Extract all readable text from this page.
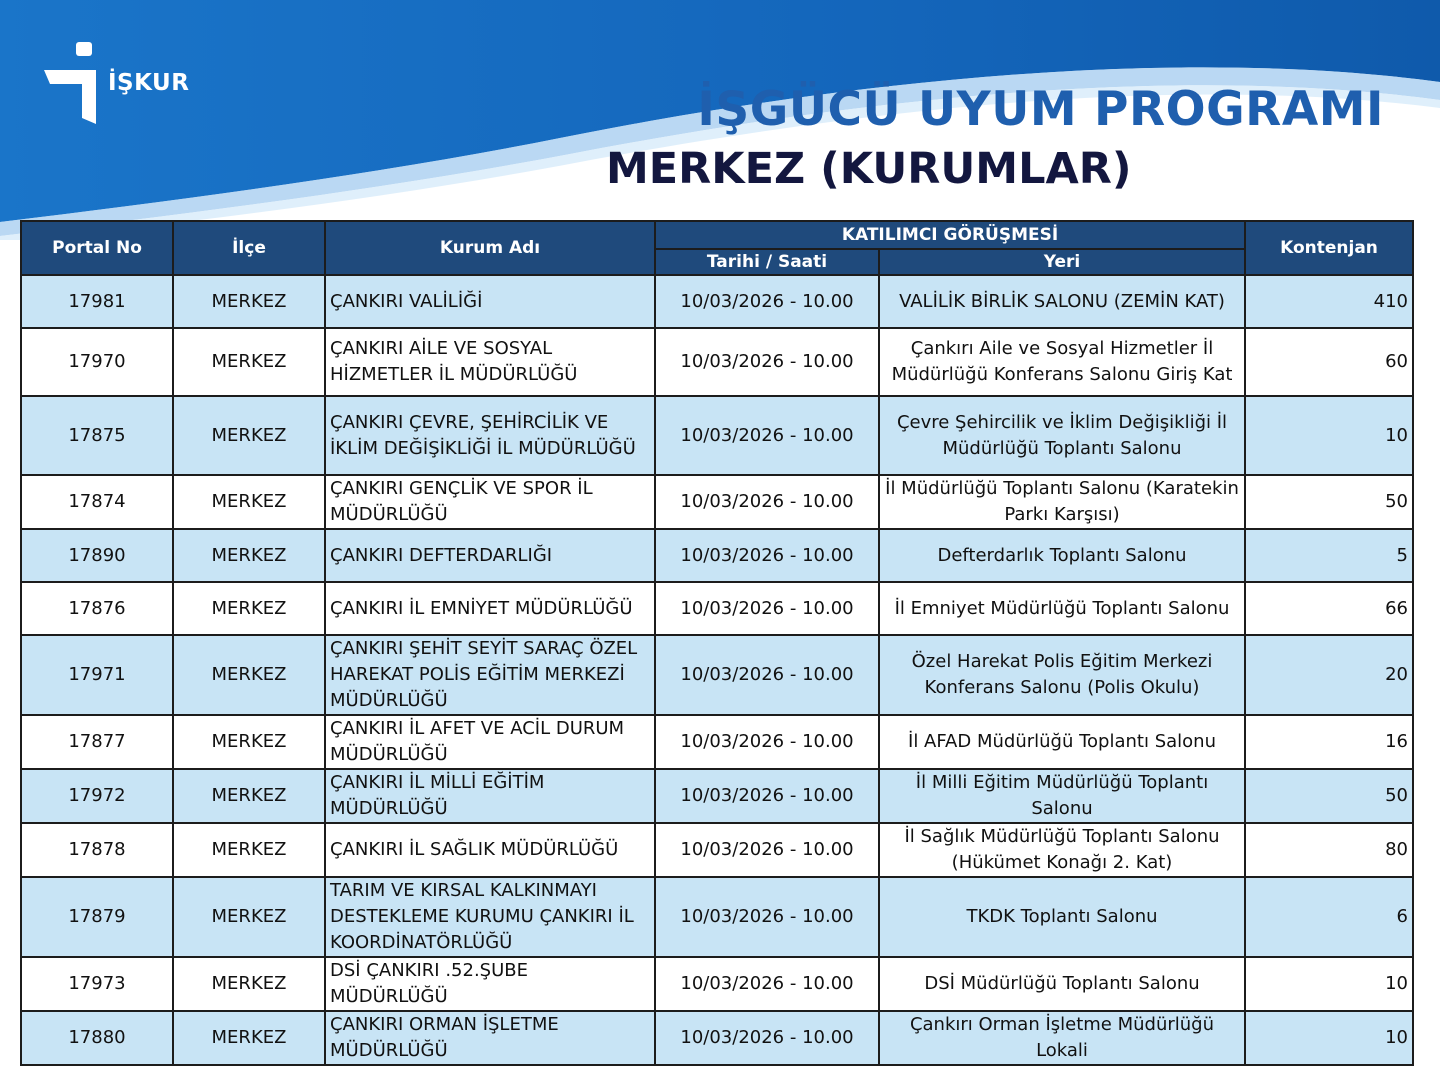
İŞKUR	İŞGÜCÜ UYUM PROGRAMI
MERKEZ (KURUMLAR)
Portal No	İlçe	Kurum Adı	KATILIMCI GÖRÜŞMESİ		Kontenjan
			Tarihi / Saati	Yeri	
17981	MERKEZ	ÇANKIRI VALİLİĞİ	10/03/2026 - 10.00	VALİLİK BİRLİK SALONU (ZEMİN KAT)	410
17970	MERKEZ	ÇANKIRI AİLE VE SOSYAL HİZMETLER İL MÜDÜRLÜĞÜ	10/03/2026 - 10.00	Çankırı Aile ve Sosyal Hizmetler İl Müdürlüğü Konferans Salonu Giriş Kat	60
17875	MERKEZ	ÇANKIRI ÇEVRE, ŞEHİRCİLİK VE İKLİM DEĞİŞİKLİĞİ İL MÜDÜRLÜĞÜ	10/03/2026 - 10.00	Çevre Şehircilik ve İklim Değişikliği İl Müdürlüğü Toplantı Salonu	10
17874	MERKEZ	ÇANKIRI GENÇLİK VE SPOR İL MÜDÜRLÜĞÜ	10/03/2026 - 10.00	İl Müdürlüğü Toplantı Salonu (Karatekin Parkı Karşısı)	50
17890	MERKEZ	ÇANKIRI DEFTERDARLIĞI	10/03/2026 - 10.00	Defterdarlık Toplantı Salonu	5
17876	MERKEZ	ÇANKIRI İL EMNİYET MÜDÜRLÜĞÜ	10/03/2026 - 10.00	İl Emniyet Müdürlüğü Toplantı Salonu	66
17971	MERKEZ	ÇANKIRI ŞEHİT SEYİT SARAÇ ÖZEL HAREKAT POLİS EĞİTİM MERKEZİ MÜDÜRLÜĞÜ	10/03/2026 - 10.00	Özel Harekat Polis Eğitim Merkezi Konferans Salonu (Polis Okulu)	20
17877	MERKEZ	ÇANKIRI İL AFET VE ACİL DURUM MÜDÜRLÜĞÜ	10/03/2026 - 10.00	İl AFAD Müdürlüğü Toplantı Salonu	16
17972	MERKEZ	ÇANKIRI İL MİLLİ EĞİTİM MÜDÜRLÜĞÜ	10/03/2026 - 10.00	İl Milli Eğitim Müdürlüğü Toplantı Salonu	50
17878	MERKEZ	ÇANKIRI İL SAĞLIK MÜDÜRLÜĞÜ	10/03/2026 - 10.00	İl Sağlık Müdürlüğü Toplantı Salonu (Hükümet Konağı 2. Kat)	80
17879	MERKEZ	TARIM VE KIRSAL KALKINMAYI DESTEKLEME KURUMU ÇANKIRI İL KOORDİNATÖRLÜĞÜ	10/03/2026 - 10.00	TKDK Toplantı Salonu	6
17973	MERKEZ	DSİ ÇANKIRI .52.ŞUBE MÜDÜRLÜĞÜ	10/03/2026 - 10.00	DSİ Müdürlüğü Toplantı Salonu	10
17880	MERKEZ	ÇANKIRI ORMAN İŞLETME MÜDÜRLÜĞÜ	10/03/2026 - 10.00	Çankırı Orman İşletme Müdürlüğü Lokali	10
